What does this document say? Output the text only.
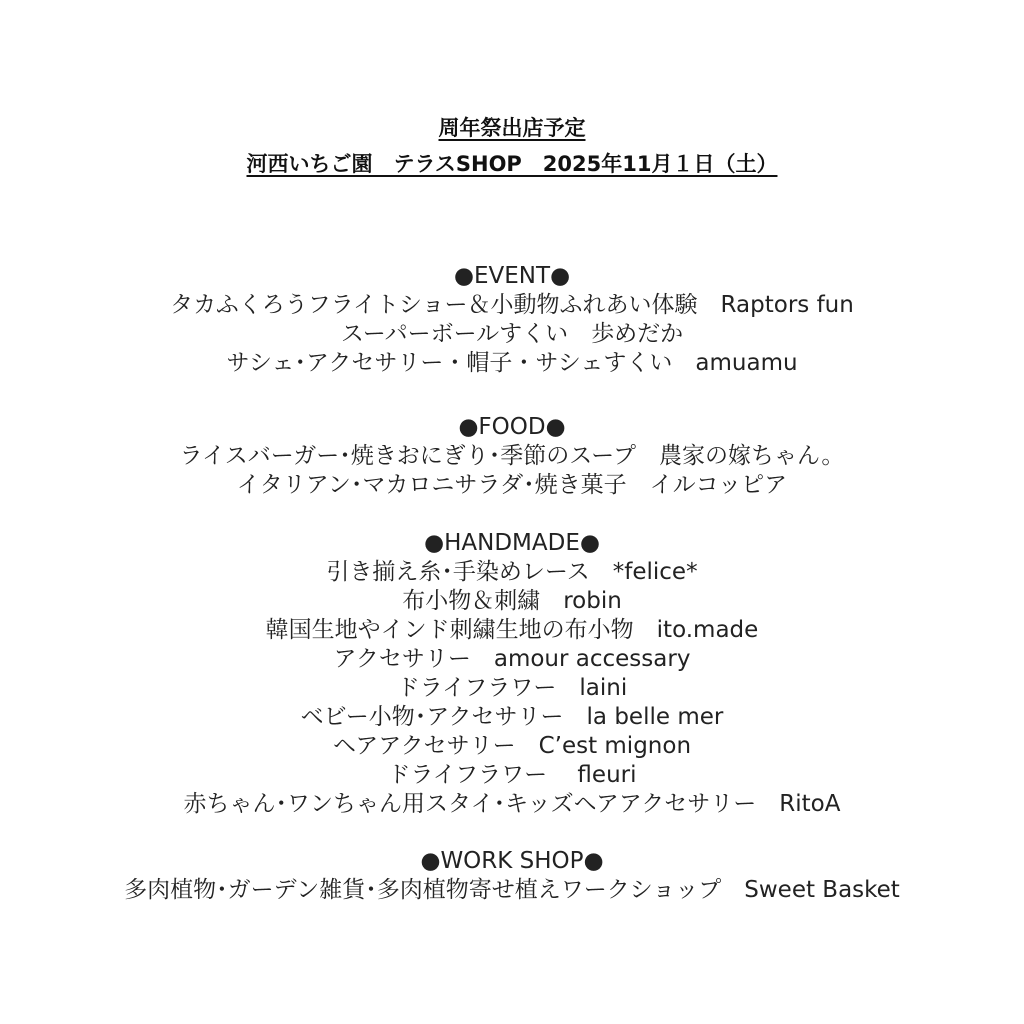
周年祭出店予定
河西いちご園　テラスSHOP　2025年11月１日（土）
●EVENT●
タカふくろうフライトショー＆小動物ふれあい体験　Raptors fun
スーパーボールすくい　歩めだか
サシェ･アクセサリー・帽子・サシェすくい　amuamu
●FOOD●
ライスバーガー･焼きおにぎり･季節のスープ　農家の嫁ちゃん。
イタリアン･マカロニサラダ･焼き菓子　イルコッピア
●HANDMADE●
引き揃え糸･手染めレース　*felice*
布小物＆刺繍　robin
韓国生地やインド刺繍生地の布小物　ito.made
アクセサリー　amour accessary
ドライフラワー　laini
ベビー小物･アクセサリー　la belle mer
ヘアアクセサリー　C’est mignon
ドライフラワー　 fleuri
赤ちゃん･ワンちゃん用スタイ･キッズヘアアクセサリー　RitoA
●WORK SHOP●
多肉植物･ガーデン雑貨･多肉植物寄せ植えワークショップ　Sweet Basket
